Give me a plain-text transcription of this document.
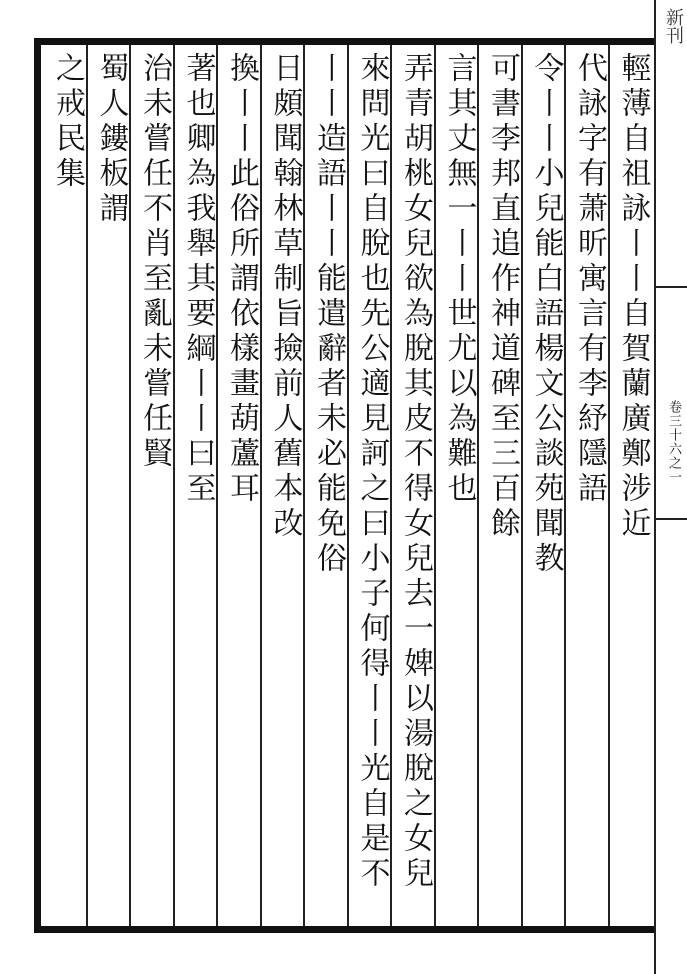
新刊
卷三十六之一
輕薄自祖詠丨丨自賀蘭廣鄭涉近
代詠字有萧昕寓言有李紓隱語
令丨丨小兒能白語楊文公談苑聞教
可書李邦直追作神道碑至三百餘
言其丈無一丨丨世尤以為難也
弄青胡桃女兒欲為脫其皮不得女兒去一婢以湯脫之女兒
來問光曰自脫也先公適見訶之曰小子何得丨丨光自是不
丨丨造語丨丨能遣辭者未必能免俗
日頗聞翰林草制旨撿前人舊本改
換丨丨此俗所謂依樣畫葫蘆耳
著也卿為我舉其要綱丨丨曰至
治未嘗任不肖至亂未嘗任賢
蜀人鏤板謂
之戒民集
